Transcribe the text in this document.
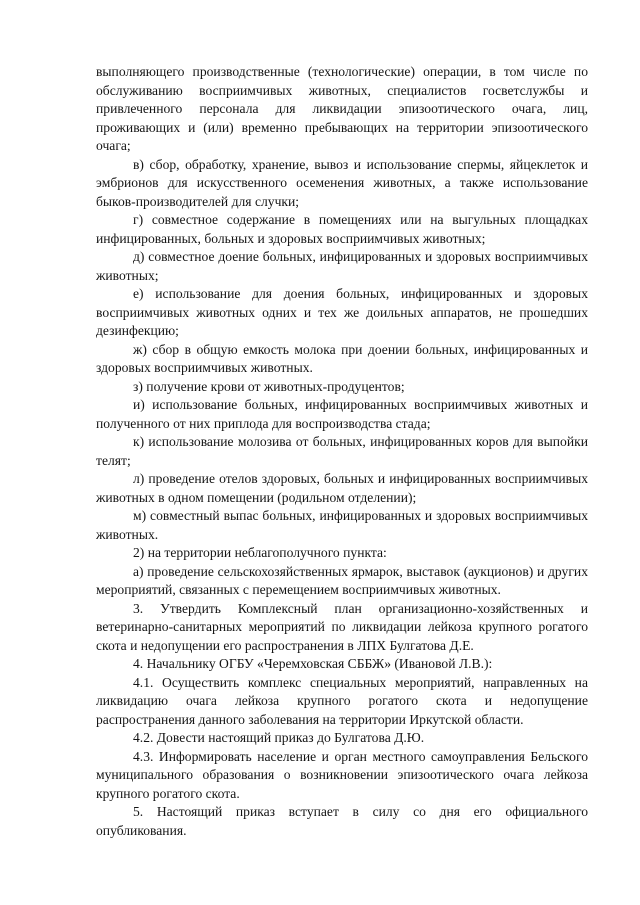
выполняющего производственные (технологические) операции, в том числе по обслуживанию восприимчивых животных, специалистов госветслужбы и привлеченного персонала для ликвидации эпизоотического очага, лиц, проживающих и (или) временно пребывающих на территории эпизоотического очага;

в) сбор, обработку, хранение, вывоз и использование спермы, яйцеклеток и эмбрионов для искусственного осеменения животных, а также использование быков-производителей для случки;

г) совместное содержание в помещениях или на выгульных площадках инфицированных, больных и здоровых восприимчивых животных;

д) совместное доение больных, инфицированных и здоровых восприимчивых животных;

е) использование для доения больных, инфицированных и здоровых восприимчивых животных одних и тех же доильных аппаратов, не прошедших дезинфекцию;

ж) сбор в общую емкость молока при доении больных, инфицированных и здоровых восприимчивых животных.

з) получение крови от животных-продуцентов;

и) использование больных, инфицированных восприимчивых животных и полученного от них приплода для воспроизводства стада;

к) использование молозива от больных, инфицированных коров для выпойки телят;

л) проведение отелов здоровых, больных и инфицированных восприимчивых животных в одном помещении (родильном отделении);

м) совместный выпас больных, инфицированных и здоровых восприимчивых животных.

2) на территории неблагополучного пункта:

а) проведение сельскохозяйственных ярмарок, выставок (аукционов) и других мероприятий, связанных с перемещением восприимчивых животных.

3. Утвердить Комплексный план организационно-хозяйственных и ветеринарно-санитарных мероприятий по ликвидации лейкоза крупного рогатого скота и недопущении его распространения в ЛПХ Булгатова Д.Е.

4. Начальнику ОГБУ «Черемховская СББЖ» (Ивановой Л.В.):

4.1. Осуществить комплекс специальных мероприятий, направленных на ликвидацию очага лейкоза крупного рогатого скота и недопущение распространения данного заболевания на территории Иркутской области.

4.2. Довести настоящий приказ до Булгатова Д.Ю.

4.3. Информировать население и орган местного самоуправления Бельского муниципального образования о возникновении эпизоотического очага лейкоза крупного рогатого скота.

5. Настоящий приказ вступает в силу со дня его официального опубликования.
